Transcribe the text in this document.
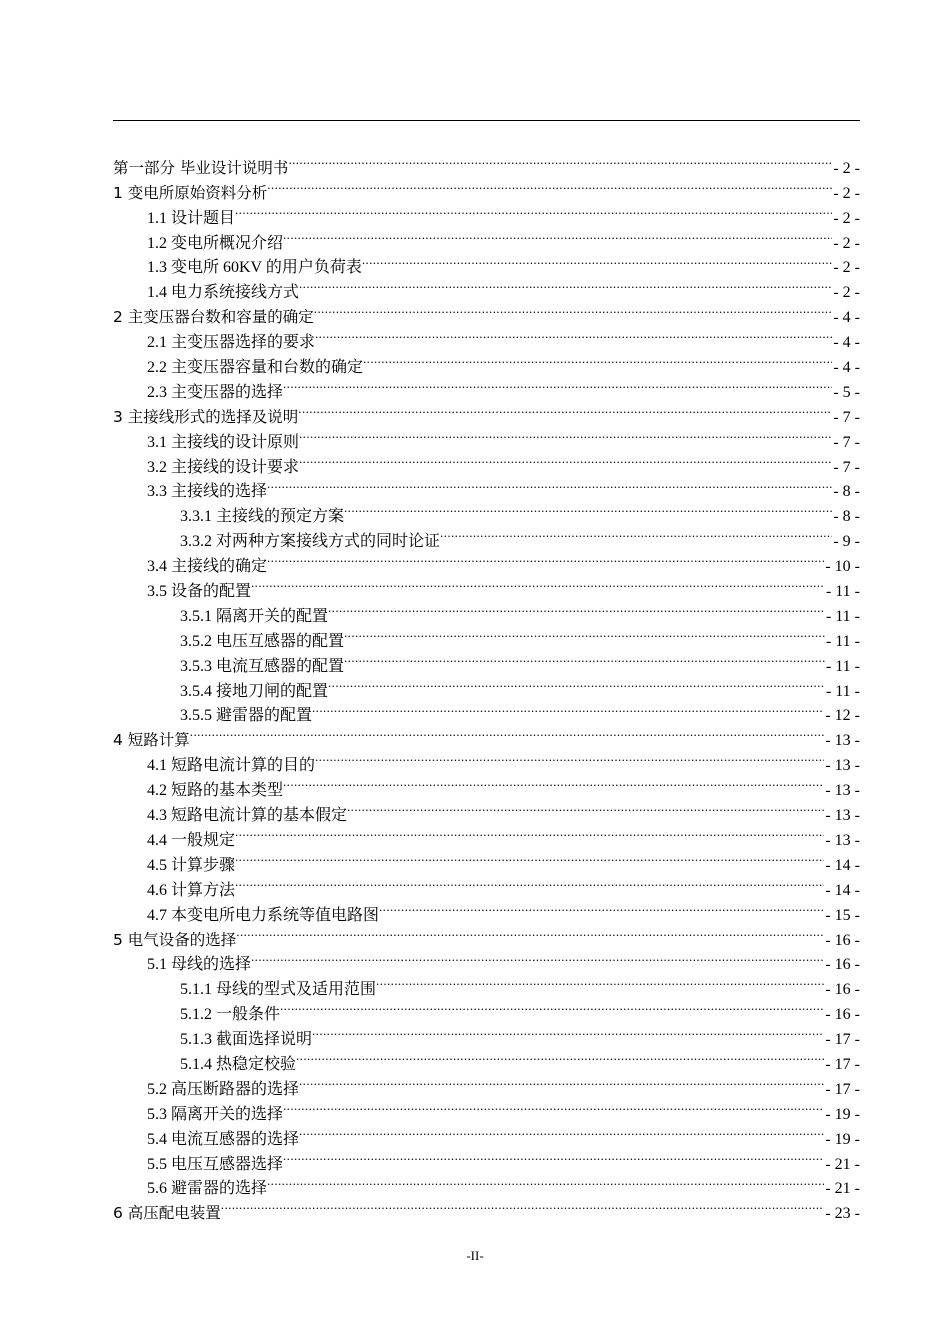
第一部分 毕业设计说明书 .....	- 2 -
1 变电所原始资料分析 .....	- 2 -
1.1 设计题目 .....	- 2 -
1.2 变电所概况介绍 .....	- 2 -
1.3 变电所 60KV 的用户负荷表 .....	- 2 -
1.4 电力系统接线方式 .....	- 2 -
2 主变压器台数和容量的确定 .....	- 4 -
2.1 主变压器选择的要求 .....	- 4 -
2.2 主变压器容量和台数的确定 .....	- 4 -
2.3 主变压器的选择 .....	- 5 -
3 主接线形式的选择及说明 .....	- 7 -
3.1 主接线的设计原则 .....	- 7 -
3.2 主接线的设计要求 .....	- 7 -
3.3 主接线的选择 .....	- 8 -
3.3.1 主接线的预定方案 .....	- 8 -
3.3.2 对两种方案接线方式的同时论证 .....	- 9 -
3.4 主接线的确定 .....	- 10 -
3.5 设备的配置 .....	- 11 -
3.5.1 隔离开关的配置 .....	- 11 -
3.5.2 电压互感器的配置 .....	- 11 -
3.5.3 电流互感器的配置 .....	- 11 -
3.5.4 接地刀闸的配置 .....	- 11 -
3.5.5 避雷器的配置 .....	- 12 -
4 短路计算 .....	- 13 -
4.1 短路电流计算的目的 .....	- 13 -
4.2 短路的基本类型 .....	- 13 -
4.3 短路电流计算的基本假定 .....	- 13 -
4.4 一般规定 .....	- 13 -
4.5 计算步骤 .....	- 14 -
4.6 计算方法 .....	- 14 -
4.7 本变电所电力系统等值电路图 .....	- 15 -
5 电气设备的选择 .....	- 16 -
5.1 母线的选择 .....	- 16 -
5.1.1 母线的型式及适用范围 .....	- 16 -
5.1.2 一般条件 .....	- 16 -
5.1.3 截面选择说明 .....	- 17 -
5.1.4 热稳定校验 .....	- 17 -
5.2 高压断路器的选择 .....	- 17 -
5.3 隔离开关的选择 .....	- 19 -
5.4 电流互感器的选择 .....	- 19 -
5.5 电压互感器选择 .....	- 21 -
5.6 避雷器的选择 .....	- 21 -
6 高压配电装置 .....	- 23 -
-II-
